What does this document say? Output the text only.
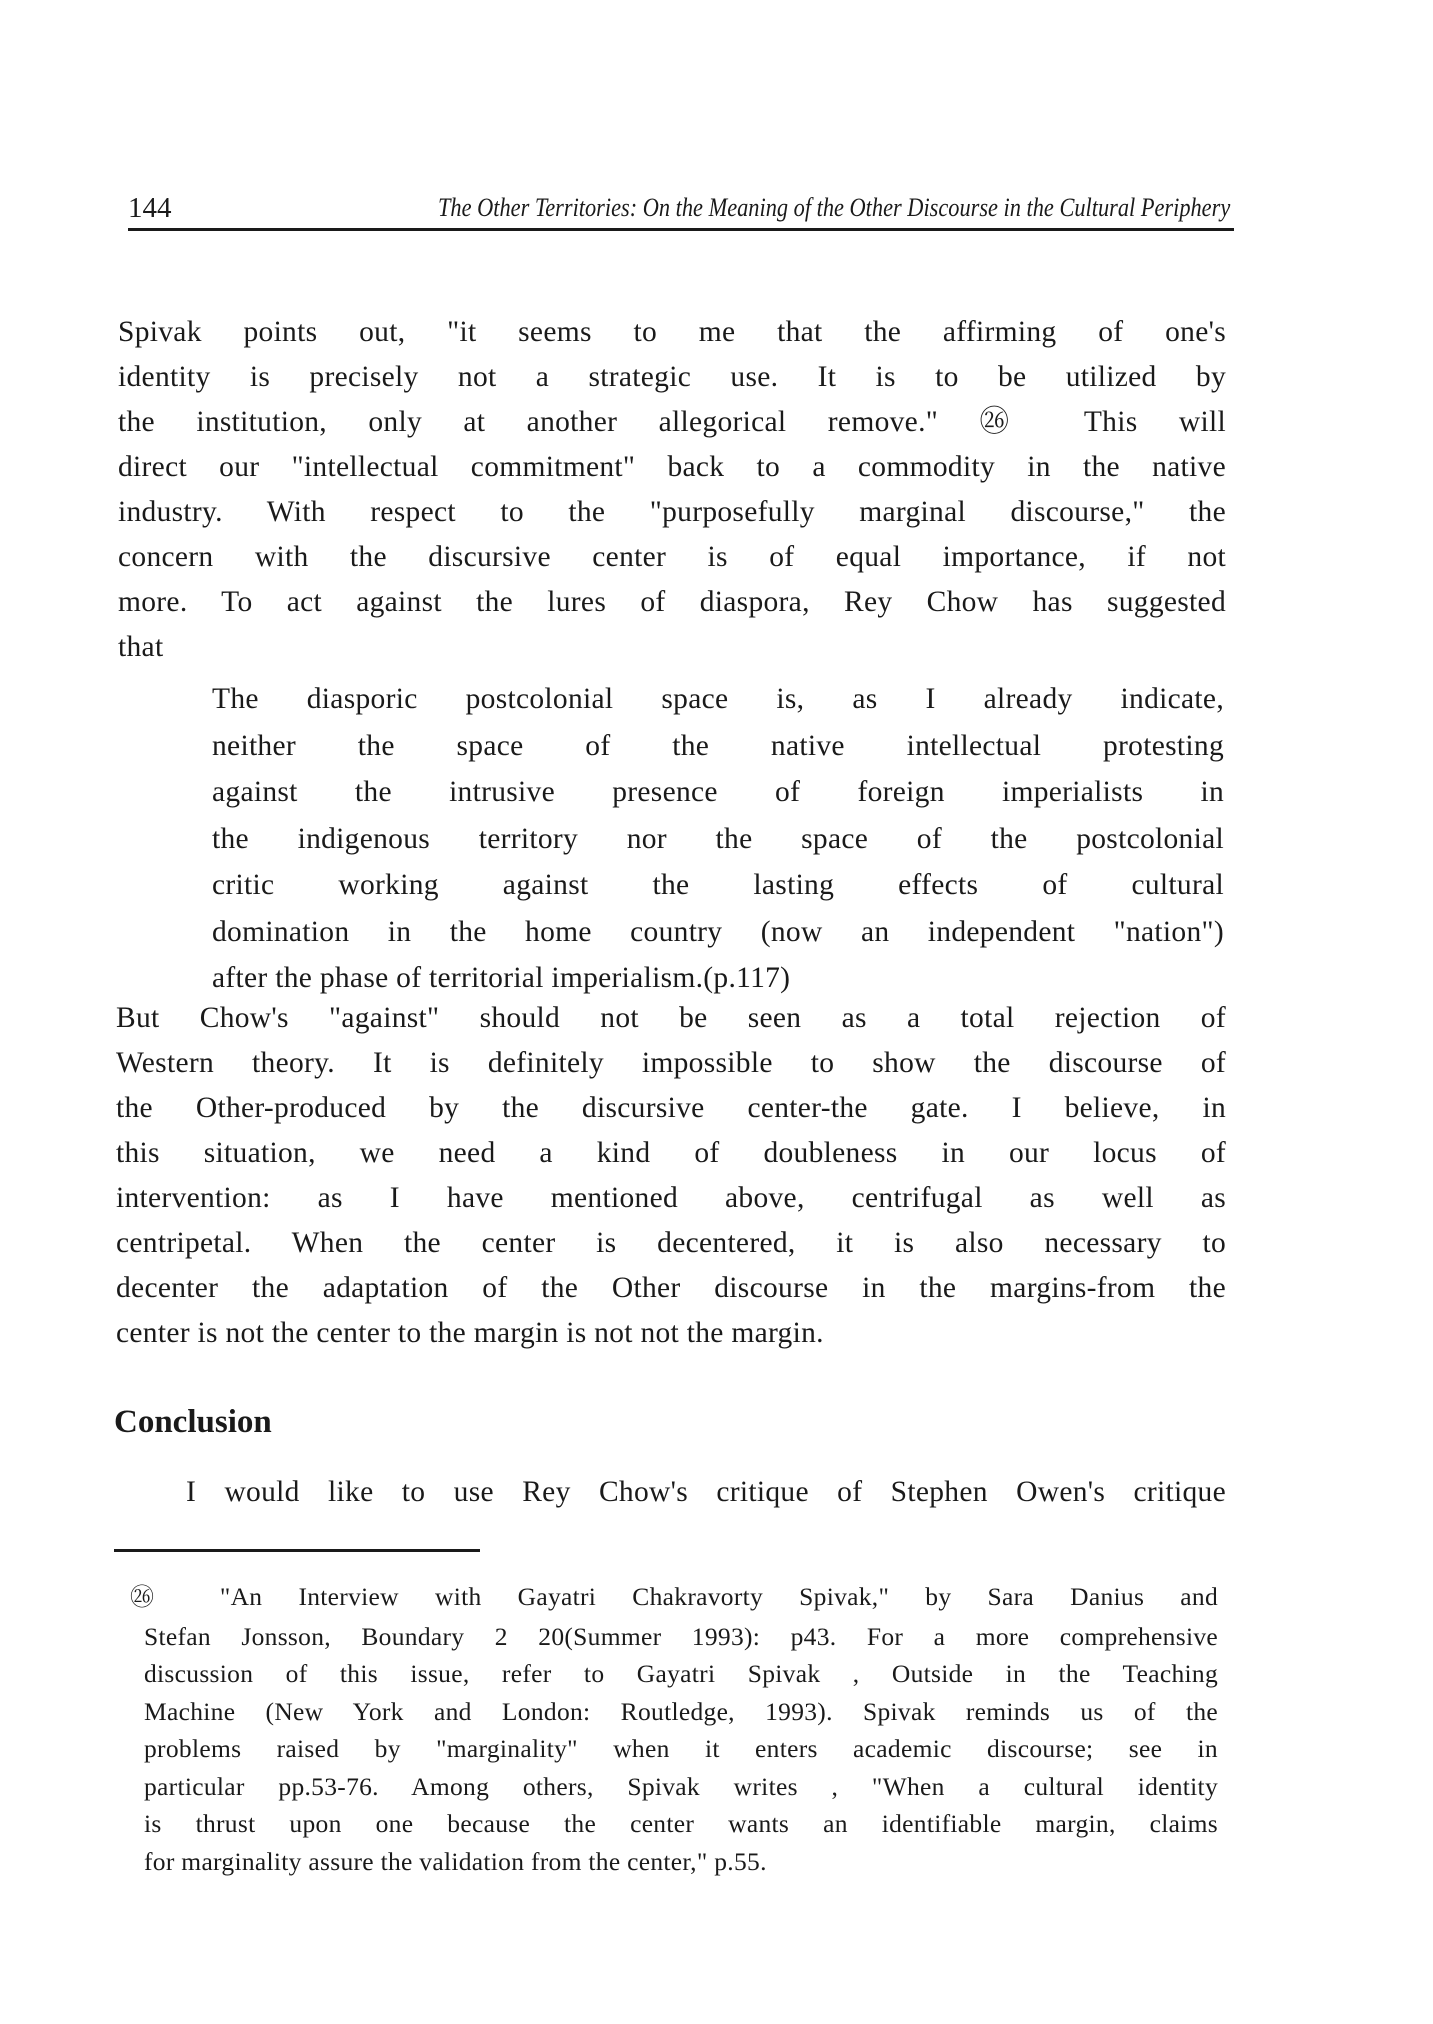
144	The Other Territories: On the Meaning of the Other Discourse in the Cultural Periphery
Spivak points out, "it seems to me that the affirming of one's
identity is precisely not a strategic use. It is to be utilized by
the institution, only at another allegorical remove." ㉖ This will
direct our "intellectual commitment" back to a commodity in the native
industry. With respect to the "purposefully marginal discourse," the
concern with the discursive center is of equal importance, if not
more. To act against the lures of diaspora, Rey Chow has suggested
that
The diasporic postcolonial space is, as I already indicate,
neither the space of the native intellectual protesting
against the intrusive presence of foreign imperialists in
the indigenous territory nor the space of the postcolonial
critic working against the lasting effects of cultural
domination in the home country (now an independent "nation")
after the phase of territorial imperialism.(p.117)
But Chow's "against" should not be seen as a total rejection of
Western theory. It is definitely impossible to show the discourse of
the Other-produced by the discursive center-the gate. I believe, in
this situation, we need a kind of doubleness in our locus of
intervention: as I have mentioned above, centrifugal as well as
centripetal. When the center is decentered, it is also necessary to
decenter the adaptation of the Other discourse in the margins-from the
center is not the center to the margin is not not the margin.
Conclusion
I would like to use Rey Chow's critique of Stephen Owen's critique
㉖ "An Interview with Gayatri Chakravorty Spivak," by Sara Danius and
Stefan Jonsson, Boundary 2 20(Summer 1993): p43. For a more comprehensive
discussion of this issue, refer to Gayatri Spivak , Outside in the Teaching
Machine (New York and London: Routledge, 1993). Spivak reminds us of the
problems raised by "marginality" when it enters academic discourse; see in
particular pp.53-76. Among others, Spivak writes , "When a cultural identity
is thrust upon one because the center wants an identifiable margin, claims
for marginality assure the validation from the center," p.55.
